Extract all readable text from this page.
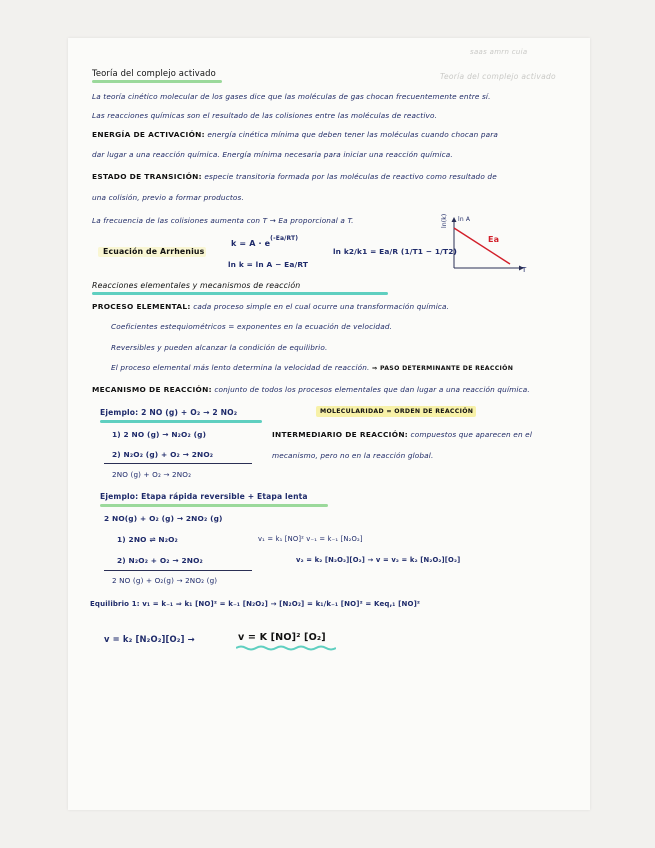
saas amrn cuia
Teoría del complejo activado
Teoría del complejo activado
La teoría cinético molecular de los gases dice que las moléculas de gas chocan frecuentemente entre sí.
Las reacciones químicas son el resultado de las colisiones entre las moléculas de reactivo.
ENERGÍA DE ACTIVACIÓN: energía cinética mínima que deben tener las moléculas cuando chocan para
dar lugar a una reacción química. Energía mínima necesaria para iniciar una reacción química.
ESTADO DE TRANSICIÓN: especie transitoria formada por las moléculas de reactivo como resultado de
una colisión, previo a formar productos.
La frecuencia de las colisiones aumenta con T → Ea proporcional a T.
Ecuación de Arrhenius
$k = A \cdot e^{(-Ea/RT)}$
ln k = ln A − Ea/RT
ln k2/k1 = Ea/R (1/T1 − 1/T2)
ln A
ln(k)
T
Ea
Reacciones elementales y mecanismos de reacción
PROCESO ELEMENTAL: cada proceso simple en el cual ocurre una transformación química.
Coeficientes estequiométricos = exponentes en la ecuación de velocidad.
Reversibles y pueden alcanzar la condición de equilibrio.
El proceso elemental más lento determina la velocidad de reacción. ⇒ PASO DETERMINANTE DE REACCIÓN
MECANISMO DE REACCIÓN: conjunto de todos los procesos elementales que dan lugar a una reacción química.
Ejemplo: 2 NO (g) + O₂ → 2 NO₂	MOLECULARIDAD = ORDEN DE REACCIÓN
1) 2 NO (g) → N₂O₂ (g)
2) N₂O₂ (g) + O₂ → 2NO₂
2NO (g) + O₂ → 2NO₂
INTERMEDIARIO DE REACCIÓN: compuestos que aparecen en el
mecanismo, pero no en la reacción global.
Ejemplo: Etapa rápida reversible + Etapa lenta
2 NO(g) + O₂ (g) → 2NO₂ (g)
1) 2NO ⇌ N₂O₂
2) N₂O₂ + O₂ → 2NO₂
2 NO (g) + O₂(g) → 2NO₂ (g)
v₁ = k₁ [NO]² v₋₁ = k₋₁ [N₂O₂]
v₂ = k₂ [N₂O₂][O₂] → v = v₂ = k₂ [N₂O₂][O₂]
Equilibrio 1: v₁ = k₋₁ ⇒ k₁ [NO]² = k₋₁ [N₂O₂] → [N₂O₂] = k₁/k₋₁ [NO]² = Keq,₁ [NO]²
v = k₂ [N₂O₂][O₂] →	v = K [NO]² [O₂]
